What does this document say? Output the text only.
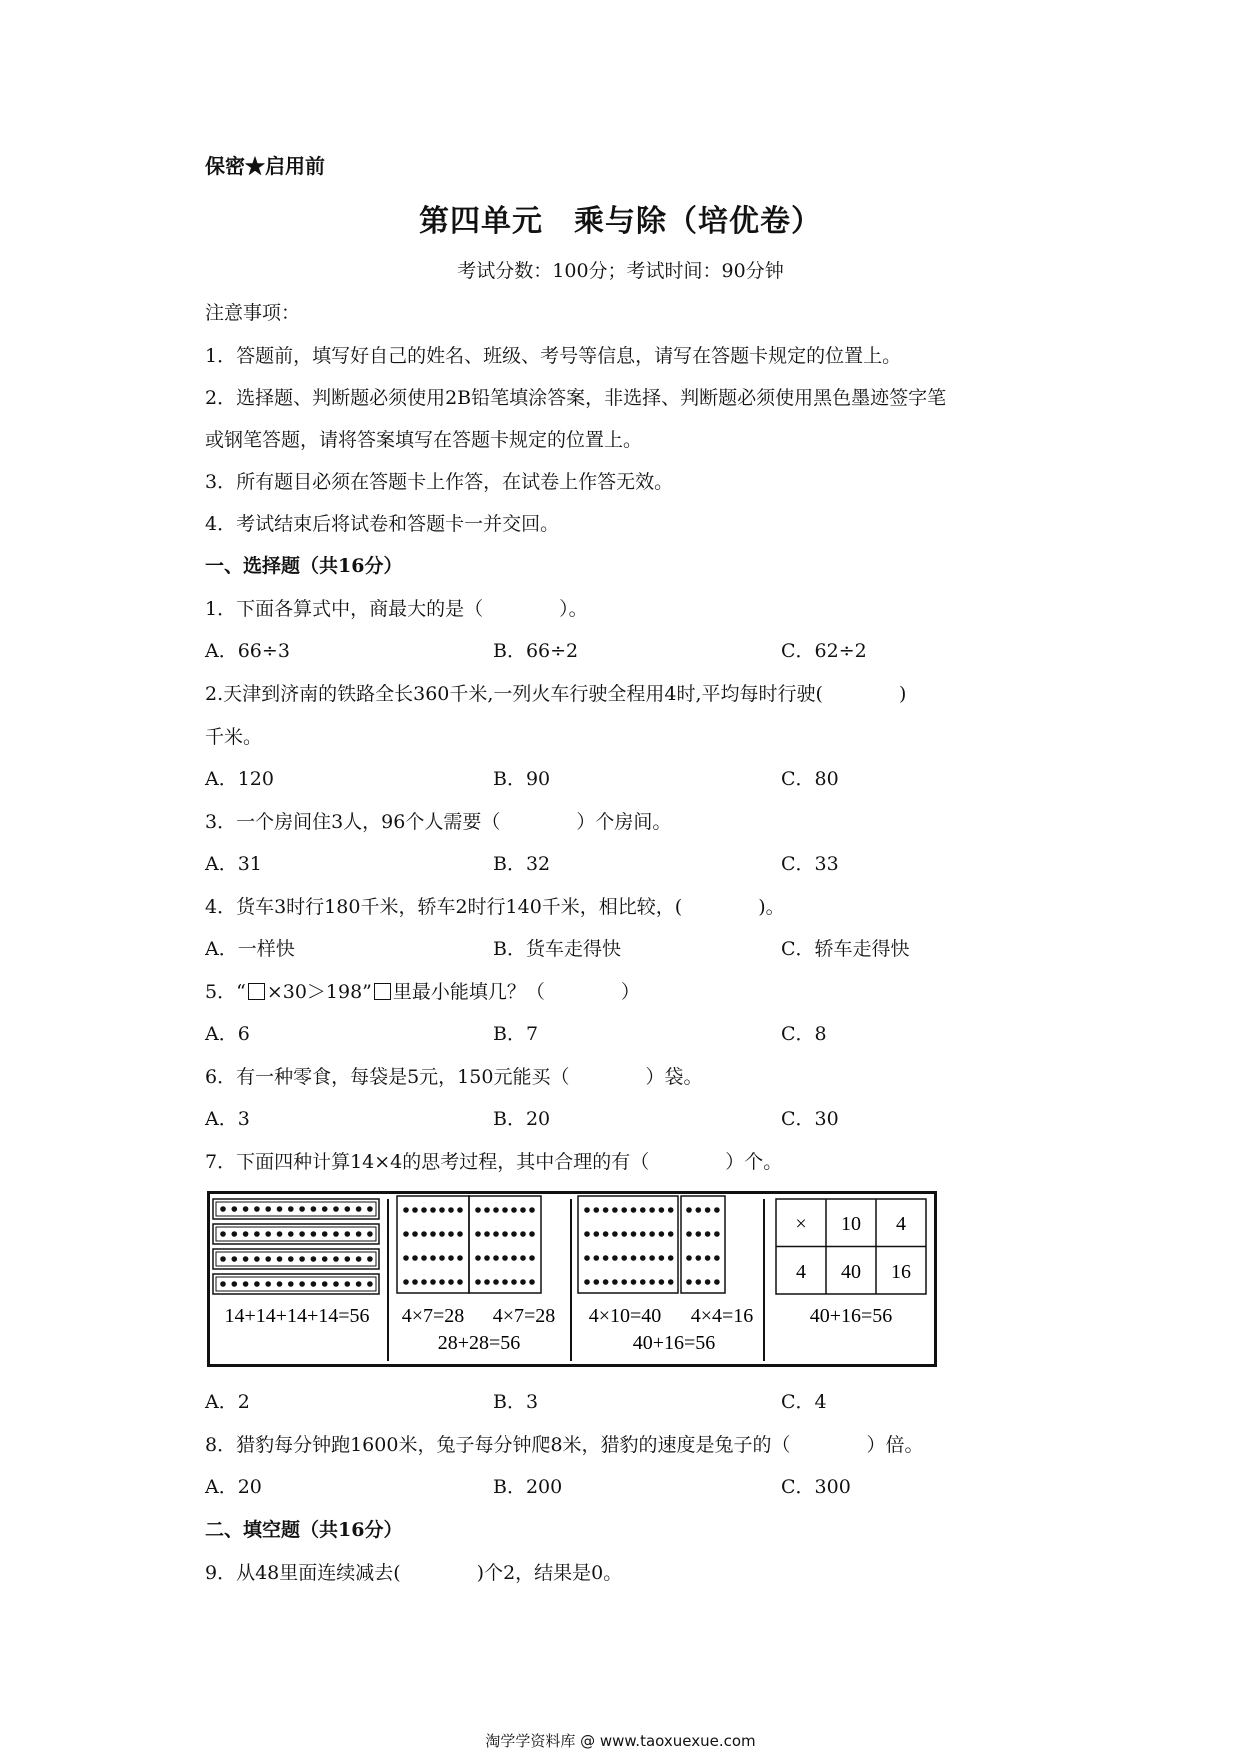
保密★启用前
第四单元　乘与除（培优卷）
考试分数：100分；考试时间：90分钟
注意事项：
1．答题前，填写好自己的姓名、班级、考号等信息，请写在答题卡规定的位置上。
2．选择题、判断题必须使用2B铅笔填涂答案，非选择、判断题必须使用黑色墨迹签字笔
或钢笔答题，请将答案填写在答题卡规定的位置上。
3．所有题目必须在答题卡上作答，在试卷上作答无效。
4．考试结束后将试卷和答题卡一并交回。
一、选择题（共16分）
1．下面各算式中，商最大的是（　　　　）。
A．66÷3	B．66÷2	C．62÷2
2.天津到济南的铁路全长360千米,一列火车行驶全程用4时,平均每时行驶(　　　　)
千米。
A．120	B．90	C．80
3．一个房间住3人，96个人需要（　　　　）个房间。
A．31	B．32	C．33
4．货车3时行180千米，轿车2时行140千米，相比较，(　　　　)。
A．一样快	B．货车走得快	C．轿车走得快
5．“ ×30＞198” 里最小能填几？（　　　　）
A．6	B．7	C．8
6．有一种零食，每袋是5元，150元能买（　　　　）袋。
A．3	B．20	C．30
7．下面四种计算14×4的思考过程，其中合理的有（　　　　）个。
14+14+14+14=56 4×7=28 4×7=28
28+28=56
4×10=40 4×4=16
40+16=56
× 10 4
4 40 16
40+16=56
A．2	B．3	C．4
8．猎豹每分钟跑1600米，兔子每分钟爬8米，猎豹的速度是兔子的（　　　　）倍。
A．20	B．200	C．300
二、填空题（共16分）
9．从48里面连续减去(　　　　)个2，结果是0。
淘学学资料库 @ www.taoxuexue.com
